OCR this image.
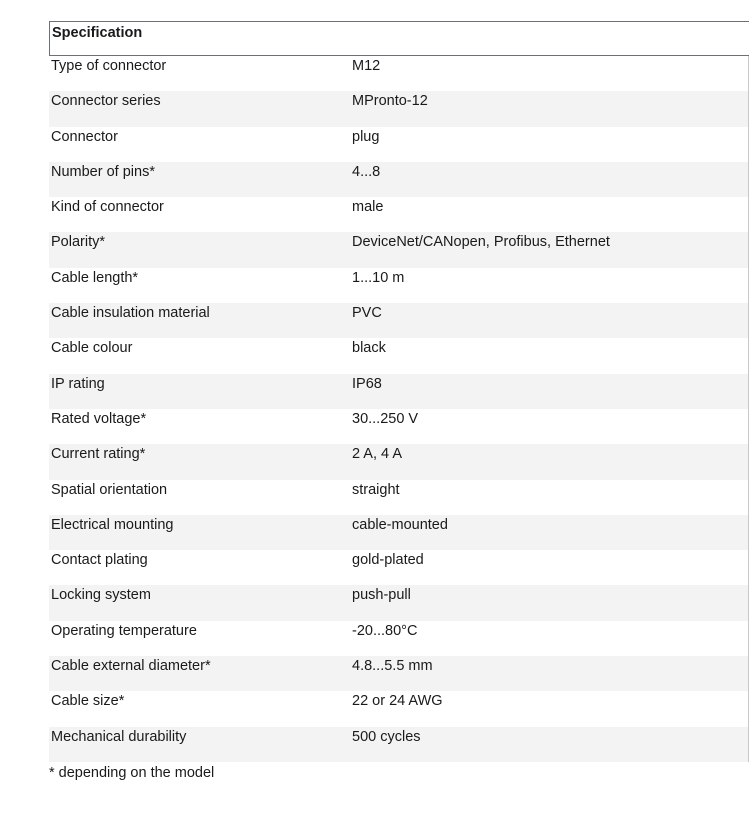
Specification
Type of connector	M12
Connector series	MPronto-12
Connector	plug
Number of pins*	4...8
Kind of connector	male
Polarity*	DeviceNet/CANopen, Profibus, Ethernet
Cable length*	1...10 m
Cable insulation material	PVC
Cable colour	black
IP rating	IP68
Rated voltage*	30...250 V
Current rating*	2 A, 4 A
Spatial orientation	straight
Electrical mounting	cable-mounted
Contact plating	gold-plated
Locking system	push-pull
Operating temperature	-20...80°C
Cable external diameter*	4.8...5.5 mm
Cable size*	22 or 24 AWG
Mechanical durability	500 cycles
* depending on the model
